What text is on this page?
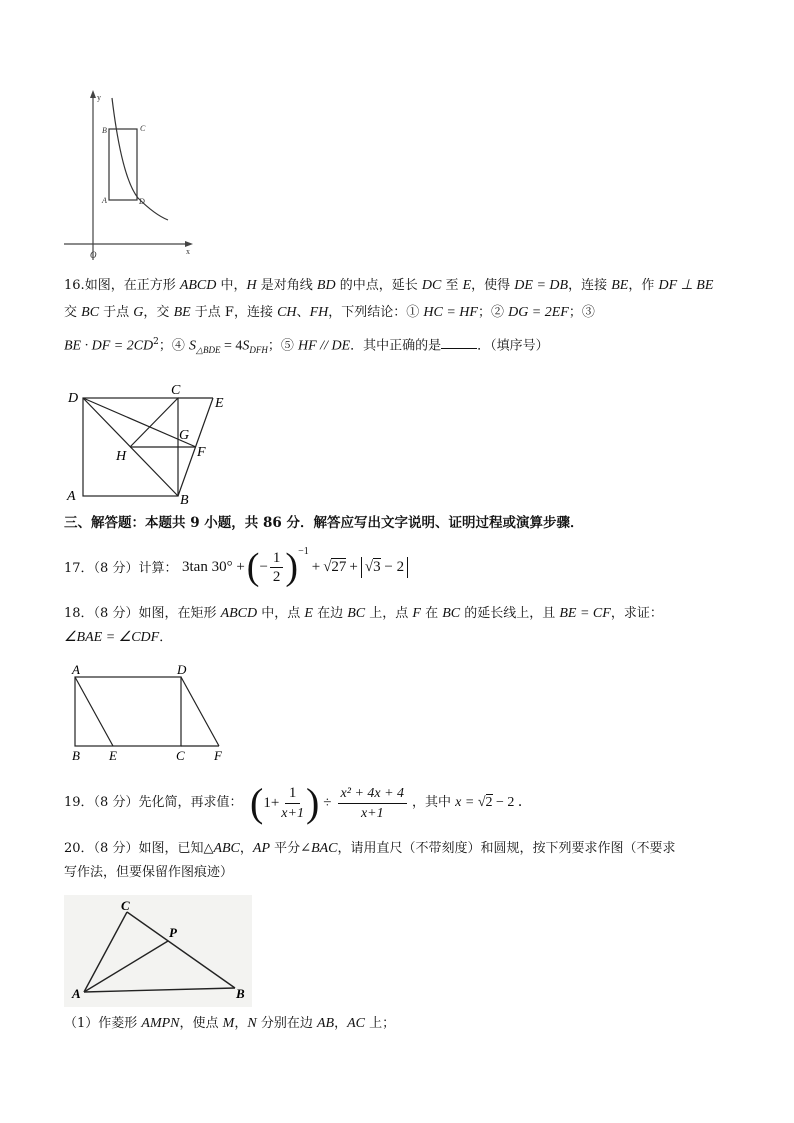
y
x
O
B	C
A	D
16.如图，在正方形 ABCD 中，H 是对角线 BD 的中点，延长 DC 至 E，使得 DE = DB，连接 BE，作 DF ⊥ BE
交 BC 于点 G，交 BE 于点 F，连接 CH、FH，下列结论：① HC = HF；② DG = 2EF；③
BE · DF = $2CD^2$；④ $S_{\triangle BDE} = 4S_{DFH}$；⑤ HF // DE．其中正确的是	．（填序号）
D
C
E
G
H	F
A	B
三、解答题：本题共 9 小题，共 86 分．解答应写出文字说明、证明过程或演算步骤．
17．（8 分）计算： 3tan 30° + ( − $\frac{1}{2} )^{-1}$
+ √ 27 + √3 − 2
18．（8 分）如图，在矩形 ABCD 中，点 E 在边 BC 上，点 F 在 BC 的延长线上，且 BE = CF，求证：
∠BAE = ∠CDF．
A	D
B E	C F
19．（8 分）先化简，再求值： ( $1+ \frac{1}{x+1}$ ) ÷ $\frac{\text{x² + 4x + 4}}{x+1}$ ，其中 x = √2 − 2 ．
20．（8 分）如图，已知△ABC，AP 平分∠BAC，请用直尺（不带刻度）和圆规，按下列要求作图（不要求
写作法，但要保留作图痕迹）
C
P
A	B
（1）作菱形 AMPN，使点 M，N 分别在边 AB，AC 上；
